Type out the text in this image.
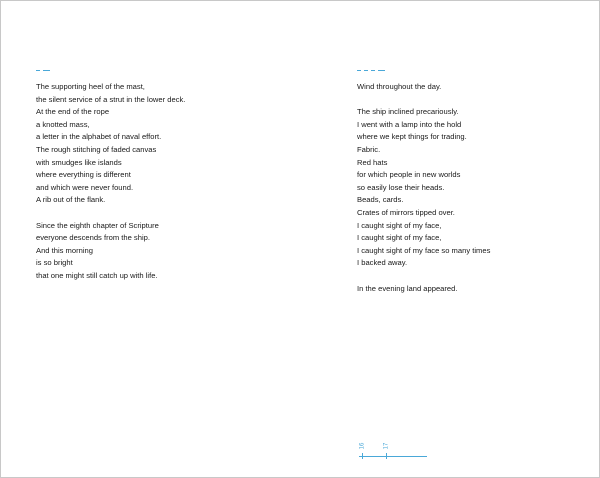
The supporting heel of the mast,
the silent service of a strut in the lower deck.
At the end of the rope
a knotted mass,
a letter in the alphabet of naval effort.
The rough stitching of faded canvas
with smudges like islands
where everything is different
and which were never found.
A rib out of the flank.
Since the eighth chapter of Scripture
everyone descends from the ship.
And this morning
is so bright
that one might still catch up with life.
Wind throughout the day.
The ship inclined precariously.
I went with a lamp into the hold
where we kept things for trading.
Fabric.
Red hats
for which people in new worlds
so easily lose their heads.
Beads, cards.
Crates of mirrors tipped over.
I caught sight of my face,
I caught sight of my face,
I caught sight of my face so many times
I backed away.
In the evening land appeared.
16	17
